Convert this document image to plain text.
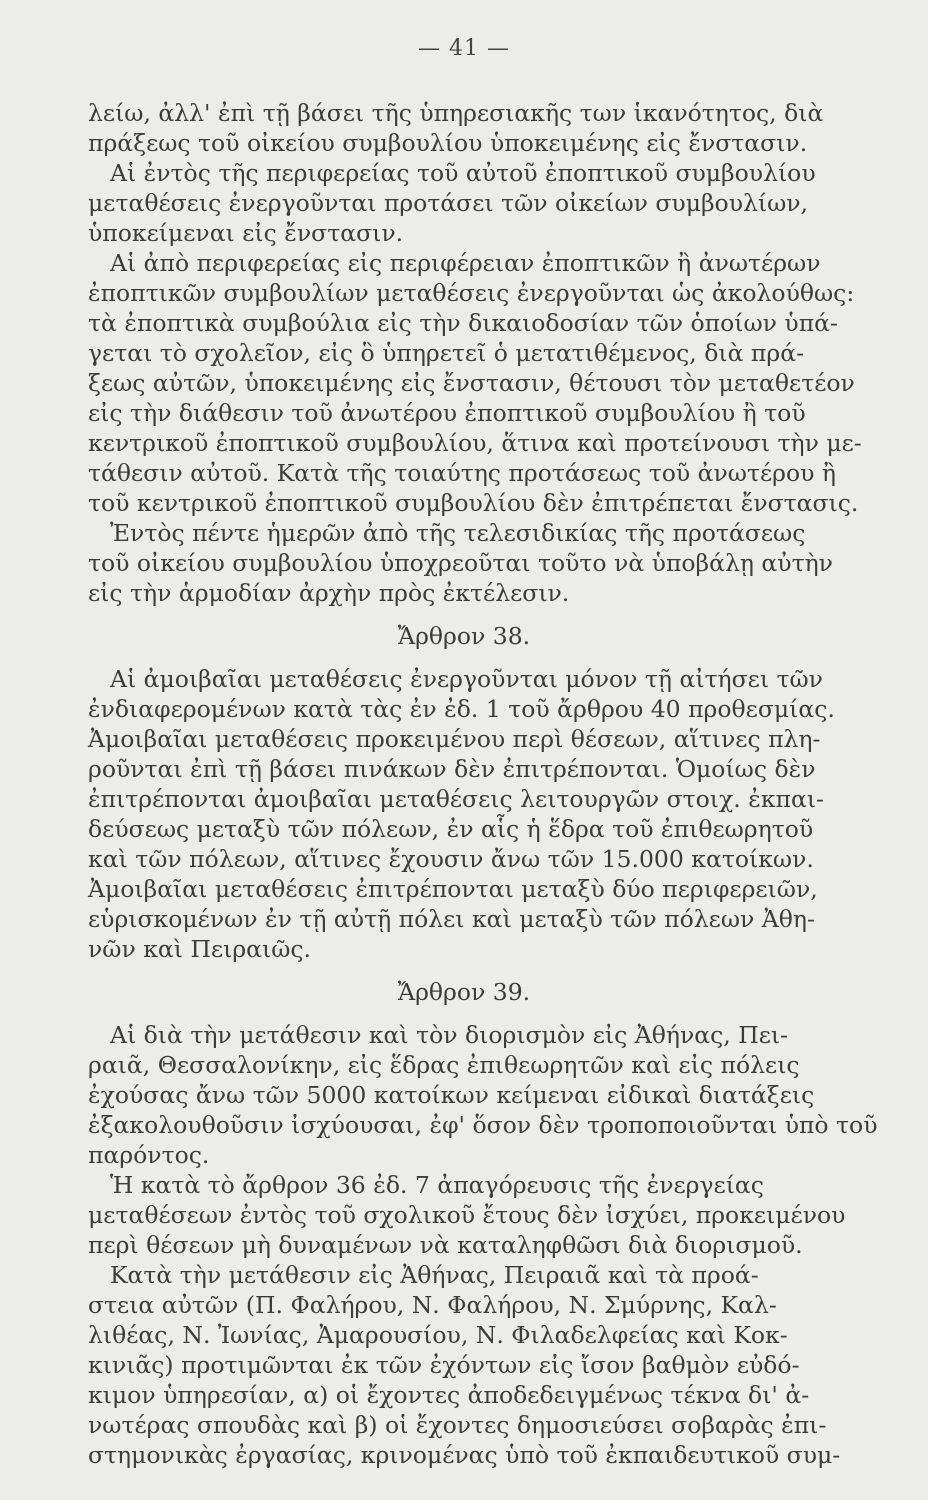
— 41 —
λείω, ἀλλ' ἐπὶ τῇ βάσει τῆς ὑπηρεσιακῆς των ἱκανότητος, διὰ
πράξεως τοῦ οἰκείου συμβουλίου ὑποκειμένης εἰς ἔνστασιν.
Αἱ ἐντὸς τῆς περιφερείας τοῦ αὐτοῦ ἐποπτικοῦ συμβουλίου
μεταθέσεις ἐνεργοῦνται προτάσει τῶν οἰκείων συμβουλίων,
ὑποκείμεναι εἰς ἔνστασιν.
Αἱ ἀπὸ περιφερείας εἰς περιφέρειαν ἐποπτικῶν ἢ ἀνωτέρων
ἐποπτικῶν συμβουλίων μεταθέσεις ἐνεργοῦνται ὡς ἀκολούθως:
τὰ ἐποπτικὰ συμβούλια εἰς τὴν δικαιοδοσίαν τῶν ὁποίων ὑπά-
γεται τὸ σχολεῖον, εἰς ὃ ὑπηρετεῖ ὁ μετατιθέμενος, διὰ πρά-
ξεως αὐτῶν, ὑποκειμένης εἰς ἔνστασιν, θέτουσι τὸν μεταθετέον
εἰς τὴν διάθεσιν τοῦ ἀνωτέρου ἐποπτικοῦ συμβουλίου ἢ τοῦ
κεντρικοῦ ἐποπτικοῦ συμβουλίου, ἅτινα καὶ προτείνουσι τὴν με-
τάθεσιν αὐτοῦ. Κατὰ τῆς τοιαύτης προτάσεως τοῦ ἀνωτέρου ἢ
τοῦ κεντρικοῦ ἐποπτικοῦ συμβουλίου δὲν ἐπιτρέπεται ἔνστασις.
Ἐντὸς πέντε ἡμερῶν ἀπὸ τῆς τελεσιδικίας τῆς προτάσεως
τοῦ οἰκείου συμβουλίου ὑποχρεοῦται τοῦτο νὰ ὑποβάλῃ αὐτὴν
εἰς τὴν ἁρμοδίαν ἀρχὴν πρὸς ἐκτέλεσιν.
Ἄρθρον 38.
Αἱ ἀμοιβαῖαι μεταθέσεις ἐνεργοῦνται μόνον τῇ αἰτήσει τῶν
ἐνδιαφερομένων κατὰ τὰς ἐν ἐδ. 1 τοῦ ἄρθρου 40 προθεσμίας.
Ἀμοιβαῖαι μεταθέσεις προκειμένου περὶ θέσεων, αἵτινες πλη-
ροῦνται ἐπὶ τῇ βάσει πινάκων δὲν ἐπιτρέπονται. Ὁμοίως δὲν
ἐπιτρέπονται ἀμοιβαῖαι μεταθέσεις λειτουργῶν στοιχ. ἐκπαι-
δεύσεως μεταξὺ τῶν πόλεων, ἐν αἷς ἡ ἕδρα τοῦ ἐπιθεωρητοῦ
καὶ τῶν πόλεων, αἵτινες ἔχουσιν ἄνω τῶν 15.000 κατοίκων.
Ἀμοιβαῖαι μεταθέσεις ἐπιτρέπονται μεταξὺ δύο περιφερειῶν,
εὑρισκομένων ἐν τῇ αὐτῇ πόλει καὶ μεταξὺ τῶν πόλεων Ἀθη-
νῶν καὶ Πειραιῶς.
Ἄρθρον 39.
Αἱ διὰ τὴν μετάθεσιν καὶ τὸν διορισμὸν εἰς Ἀθήνας, Πει-
ραιᾶ, Θεσσαλονίκην, εἰς ἕδρας ἐπιθεωρητῶν καὶ εἰς πόλεις
ἐχούσας ἄνω τῶν 5000 κατοίκων κείμεναι εἰδικαὶ διατάξεις
ἐξακολουθοῦσιν ἰσχύουσαι, ἐφ' ὅσον δὲν τροποποιοῦνται ὑπὸ τοῦ
παρόντος.
Ἡ κατὰ τὸ ἄρθρον 36 ἐδ. 7 ἀπαγόρευσις τῆς ἐνεργείας
μεταθέσεων ἐντὸς τοῦ σχολικοῦ ἔτους δὲν ἰσχύει, προκειμένου
περὶ θέσεων μὴ δυναμένων νὰ καταληφθῶσι διὰ διορισμοῦ.
Κατὰ τὴν μετάθεσιν εἰς Ἀθήνας, Πειραιᾶ καὶ τὰ προά-
στεια αὐτῶν (Π. Φαλήρου, Ν. Φαλήρου, Ν. Σμύρνης, Καλ-
λιθέας, Ν. Ἰωνίας, Ἀμαρουσίου, Ν. Φιλαδελφείας καὶ Κοκ-
κινιᾶς) προτιμῶνται ἐκ τῶν ἐχόντων εἰς ἴσον βαθμὸν εὐδό-
κιμον ὑπηρεσίαν, α) οἱ ἔχοντες ἀποδεδειγμένως τέκνα δι' ἀ-
νωτέρας σπουδὰς καὶ β) οἱ ἔχοντες δημοσιεύσει σοβαρὰς ἐπι-
στημονικὰς ἐργασίας, κρινομένας ὑπὸ τοῦ ἐκπαιδευτικοῦ συμ-
